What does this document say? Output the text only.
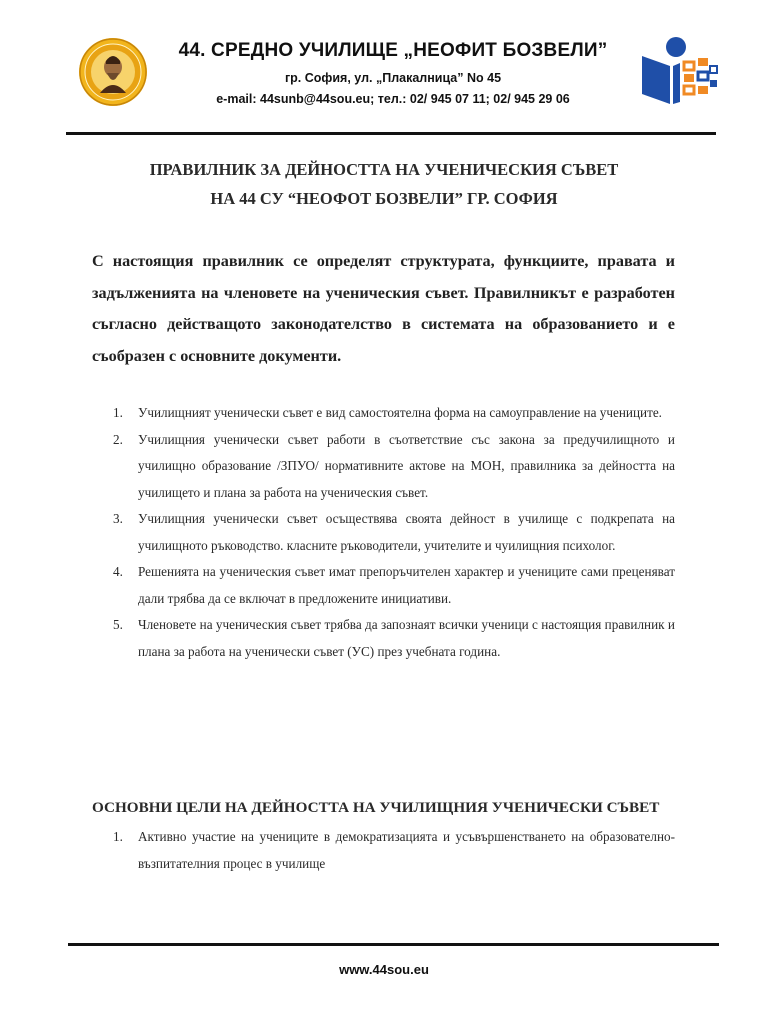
44. СРЕДНО УЧИЛИЩЕ „НЕОФИТ БОЗВЕЛИ”
гр. София, ул. „Плакалница” No 45
e-mail: 44sunb@44sou.eu; тел.: 02/ 945 07 11; 02/ 945 29 06
ПРАВИЛНИК ЗА ДЕЙНОСТТА НА УЧЕНИЧЕСКИЯ СЪВЕТ
НА 44 СУ “НЕОФОТ БОЗВЕЛИ” ГР. СОФИЯ
С настоящия правилник се определят структурата, функциите, правата и задълженията на членовете на ученическия съвет. Правилникът е разработен съгласно действащото законодателство в системата на образованието и е съобразен с основните документи.
1. Училищният ученически съвет е вид самостоятелна форма на самоуправление на учениците.
2. Училищния ученически съвет работи в съответствие със закона за предучилищното и училищно образование /ЗПУО/ нормативните актове на МОН, правилника за дейността на училището и плана за работа на ученическия съвет.
3. Училищния ученически съвет осъществява своята дейност в училище с подкрепата на училищното ръководство. класните ръководители, учителите и чуилищния психолог.
4. Решенията на ученическия съвет имат препоръчителен характер и учениците сами преценяват дали трябва да се включат в предложените инициативи.
5. Членовете на ученическия съвет трябва да запознаят всички ученици с настоящия правилник и плана за работа на ученически съвет (УС) през учебната година.
ОСНОВНИ ЦЕЛИ НА ДЕЙНОСТТА НА УЧИЛИЩНИЯ УЧЕНИЧЕСКИ СЪВЕТ
1. Активно участие на учениците в демократизацията и усъвършенстването на образователно-възпитателния процес в училище
www.44sou.eu
